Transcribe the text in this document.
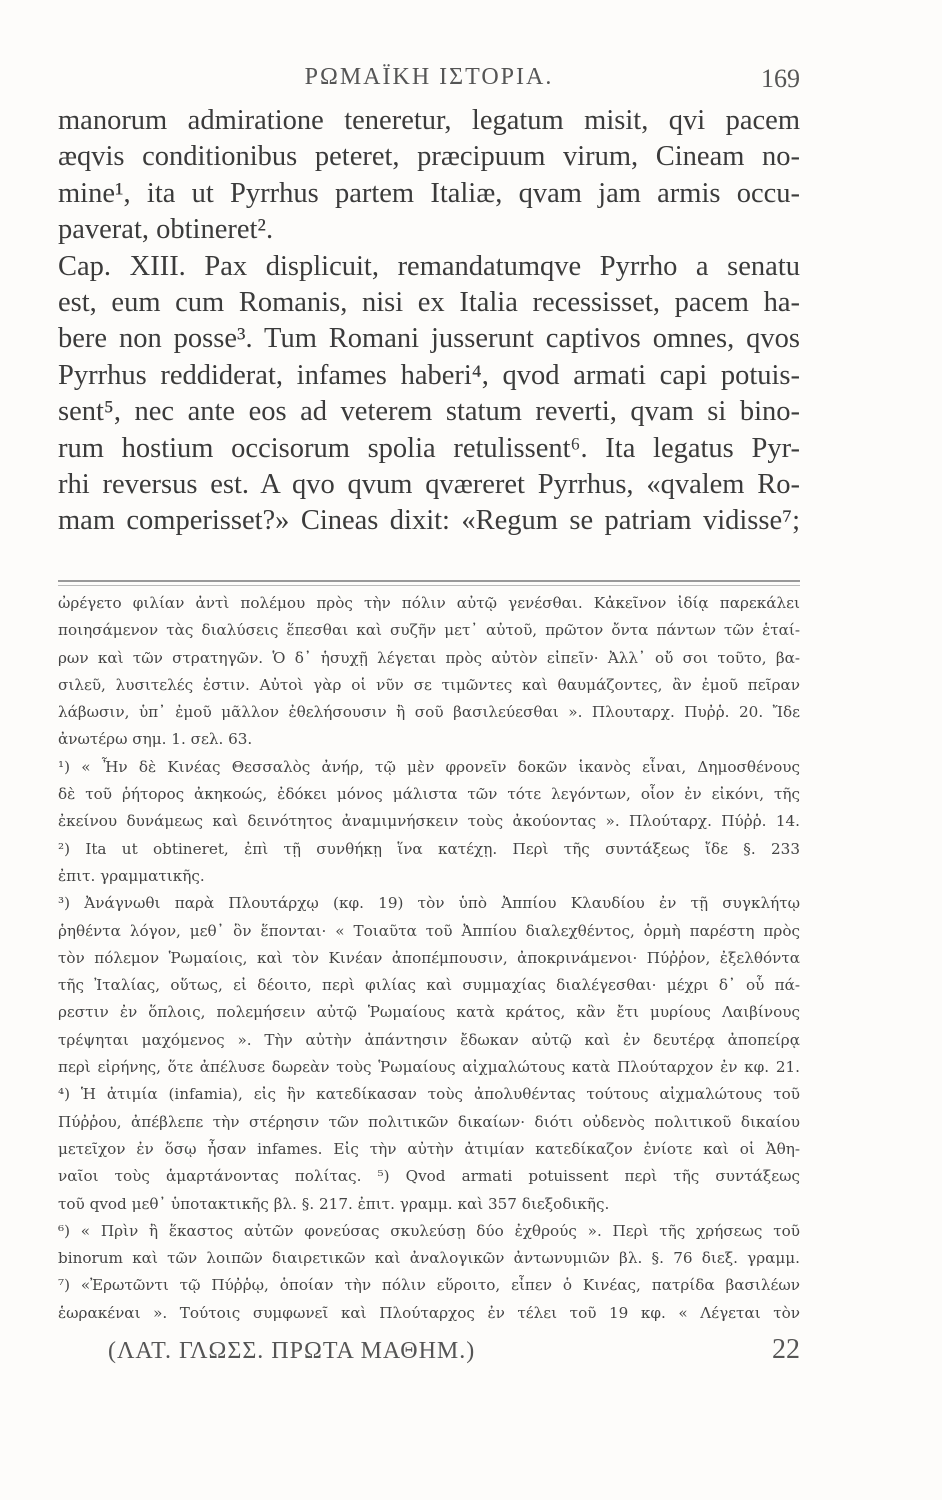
ΡΩΜΑΪΚΗ ΙΣΤΟΡΙΑ.	169
manorum admiratione teneretur, legatum misit, qvi pacem
æqvis conditionibus peteret, præcipuum virum, Cineam no-
mine¹, ita ut Pyrrhus partem Italiæ, qvam jam armis occu-
paverat, obtineret².
Cap. XIII. Pax displicuit, remandatumqve Pyrrho a senatu
est, eum cum Romanis, nisi ex Italia recessisset, pacem ha-
bere non posse³. Tum Romani jusserunt captivos omnes, qvos
Pyrrhus reddiderat, infames haberi⁴, qvod armati capi potuis-
sent⁵, nec ante eos ad veterem statum reverti, qvam si bino-
rum hostium occisorum spolia retulissent⁶. Ita legatus Pyr-
rhi reversus est. A qvo qvum qværeret Pyrrhus, «qvalem Ro-
mam comperisset?» Cineas dixit: «Regum se patriam vidisse⁷;
ὠρέγετο φιλίαν ἀντὶ πολέμου πρὸς τὴν πόλιν αὐτῷ γενέσθαι. Κἀκεῖνον ἰδίᾳ παρεκάλει
ποιησάμενον τὰς διαλύσεις ἕπεσθαι καὶ συζῆν μετ᾽ αὐτοῦ, πρῶτον ὄντα πάντων τῶν ἑταί-
ρων καὶ τῶν στρατηγῶν. Ὁ δ᾽ ἡσυχῇ λέγεται πρὸς αὐτὸν εἰπεῖν· Ἀλλ᾽ οὔ σοι τοῦτο, βα-
σιλεῦ, λυσιτελές ἐστιν. Αὐτοὶ γὰρ οἱ νῦν σε τιμῶντες καὶ θαυμάζοντες, ἂν ἐμοῦ πεῖραν
λάβωσιν, ὑπ᾽ ἐμοῦ μᾶλλον ἐθελήσουσιν ἢ σοῦ βασιλεύεσθαι ». Πλουταρχ. Πυῤῥ. 20. Ἴδε
ἀνωτέρω σημ. 1. σελ. 63.
¹) « Ἦν δὲ Κινέας Θεσσαλὸς ἀνήρ, τῷ μὲν φρονεῖν δοκῶν ἱκανὸς εἶναι, Δημοσθένους
δὲ τοῦ ῥήτορος ἀκηκοώς, ἐδόκει μόνος μάλιστα τῶν τότε λεγόντων, οἷον ἐν εἰκόνι, τῆς
ἐκείνου δυνάμεως καὶ δεινότητος ἀναμιμνήσκειν τοὺς ἀκούοντας ». Πλούταρχ. Πύῤῥ. 14.
²) Ita ut obtineret, ἐπὶ τῇ συνθήκῃ ἵνα κατέχῃ. Περὶ τῆς συντάξεως ἴδε §. 233
ἐπιτ. γραμματικῆς.
³) Ἀνάγνωθι παρὰ Πλουτάρχῳ (κφ. 19) τὸν ὑπὸ Ἀππίου Κλαυδίου ἐν τῇ συγκλήτῳ
ῥηθέντα λόγον, μεθ᾽ ὃν ἕπονται· « Τοιαῦτα τοῦ Ἀππίου διαλεχθέντος, ὁρμὴ παρέστη πρὸς
τὸν πόλεμον Ῥωμαίοις, καὶ τὸν Κινέαν ἀποπέμπουσιν, ἀποκρινάμενοι· Πύῤῥον, ἐξελθόντα
τῆς Ἰταλίας, οὕτως, εἰ δέοιτο, περὶ φιλίας καὶ συμμαχίας διαλέγεσθαι· μέχρι δ᾽ οὗ πά-
ρεστιν ἐν ὅπλοις, πολεμήσειν αὐτῷ Ῥωμαίους κατὰ κράτος, κἂν ἔτι μυρίους Λαιβίνους
τρέψηται μαχόμενος ». Τὴν αὐτὴν ἀπάντησιν ἔδωκαν αὐτῷ καὶ ἐν δευτέρᾳ ἀποπείρᾳ
περὶ εἰρήνης, ὅτε ἀπέλυσε δωρεὰν τοὺς Ῥωμαίους αἰχμαλώτους κατὰ Πλούταρχον ἐν κφ. 21.
⁴) Ἡ ἀτιμία (infamia), εἰς ἣν κατεδίκασαν τοὺς ἀπολυθέντας τούτους αἰχμαλώτους τοῦ
Πύῤῥου, ἀπέβλεπε τὴν στέρησιν τῶν πολιτικῶν δικαίων· διότι οὐδενὸς πολιτικοῦ δικαίου
μετεῖχον ἐν ὅσῳ ἦσαν infames. Εἰς τὴν αὐτὴν ἀτιμίαν κατεδίκαζον ἐνίοτε καὶ οἱ Ἀθη-
ναῖοι τοὺς ἁμαρτάνοντας πολίτας. ⁵) Qvod armati potuissent περὶ τῆς συντάξεως
τοῦ qvod μεθ᾽ ὑποτακτικῆς βλ. §. 217. ἐπιτ. γραμμ. καὶ 357 διεξοδικῆς.
⁶) « Πρὶν ἢ ἕκαστος αὐτῶν φονεύσας σκυλεύσῃ δύο ἐχθρούς ». Περὶ τῆς χρήσεως τοῦ
binorum καὶ τῶν λοιπῶν διαιρετικῶν καὶ ἀναλογικῶν ἀντωνυμιῶν βλ. §. 76 διεξ. γραμμ.
⁷) «Ἐρωτῶντι τῷ Πύῤῥῳ, ὁποίαν τὴν πόλιν εὕροιτο, εἶπεν ὁ Κινέας, πατρίδα βασιλέων
ἑωρακέναι ». Τούτοις συμφωνεῖ καὶ Πλούταρχος ἐν τέλει τοῦ 19 κφ. « Λέγεται τὸν
(ΛΑΤ. ΓΛΩΣΣ. ΠΡΩΤΑ ΜΑΘΗΜ.)	22
